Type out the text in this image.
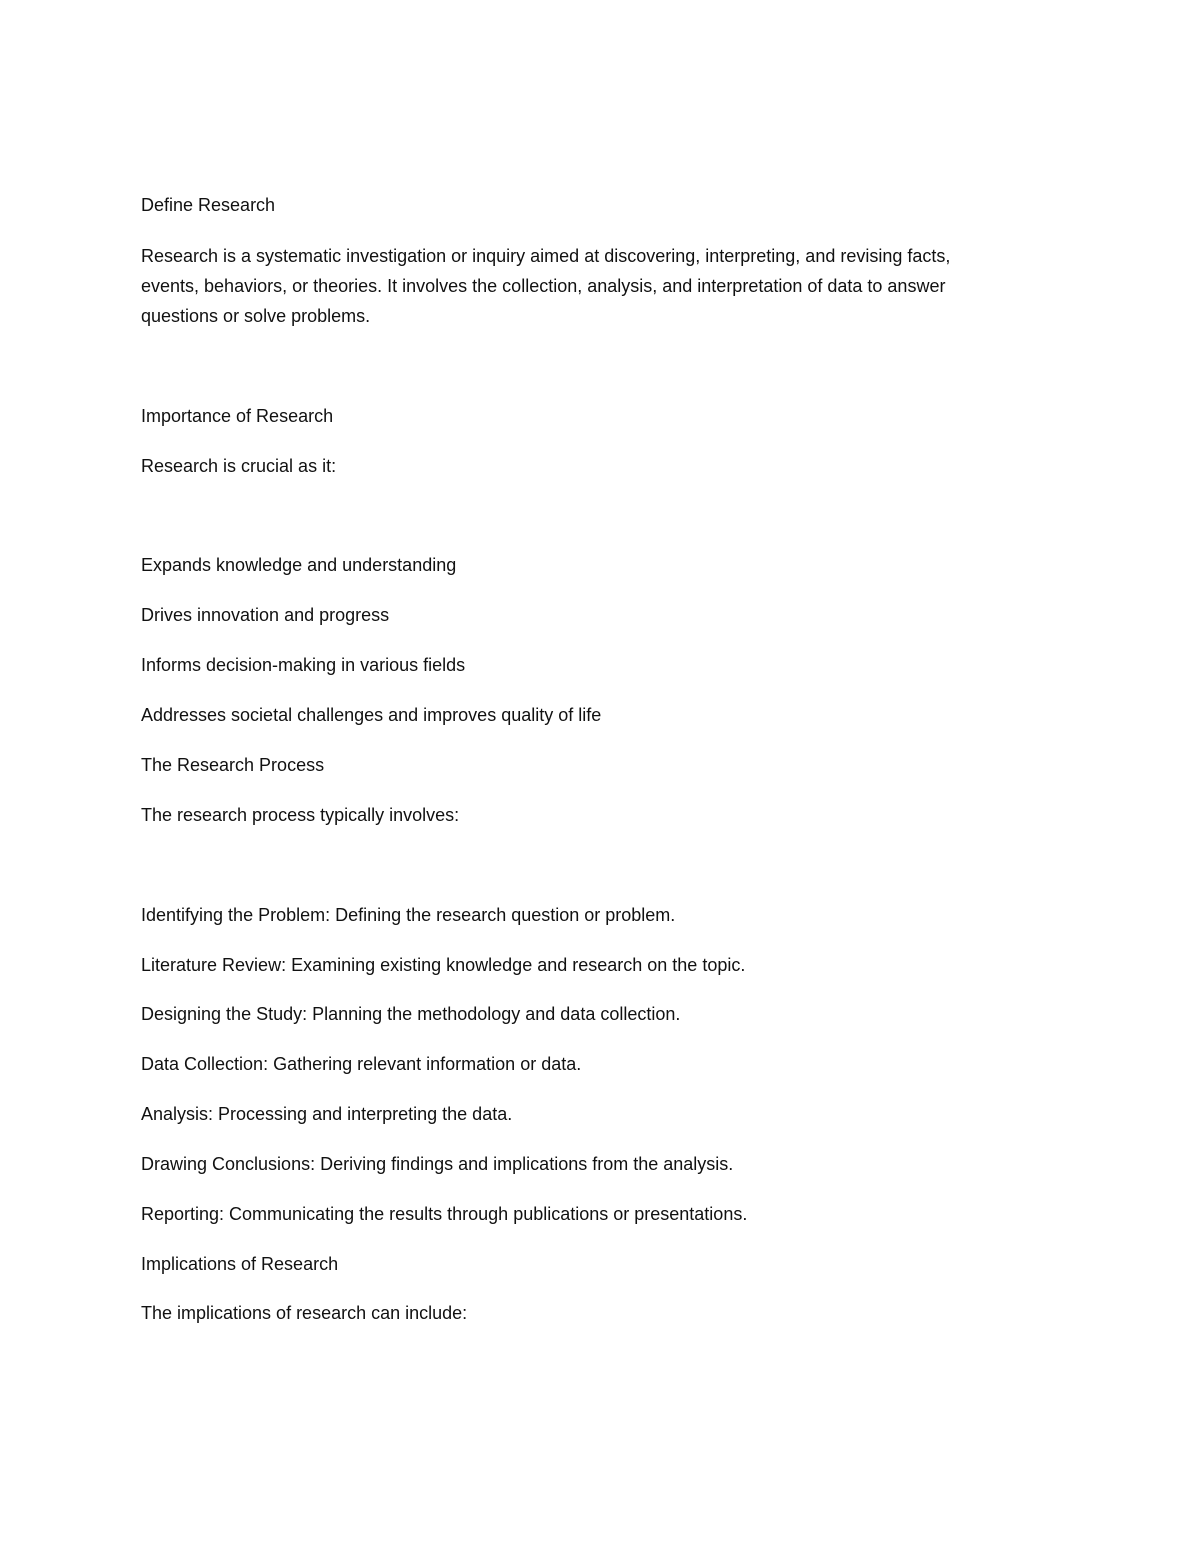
Define Research

Research is a systematic investigation or inquiry aimed at discovering, interpreting, and revising facts,

events, behaviors, or theories. It involves the collection, analysis, and interpretation of data to answer

questions or solve problems.

Importance of Research

Research is crucial as it:

Expands knowledge and understanding

Drives innovation and progress

Informs decision-making in various fields

Addresses societal challenges and improves quality of life

The Research Process

The research process typically involves:

Identifying the Problem: Defining the research question or problem.

Literature Review: Examining existing knowledge and research on the topic.

Designing the Study: Planning the methodology and data collection.

Data Collection: Gathering relevant information or data.

Analysis: Processing and interpreting the data.

Drawing Conclusions: Deriving findings and implications from the analysis.

Reporting: Communicating the results through publications or presentations.

Implications of Research

The implications of research can include:
